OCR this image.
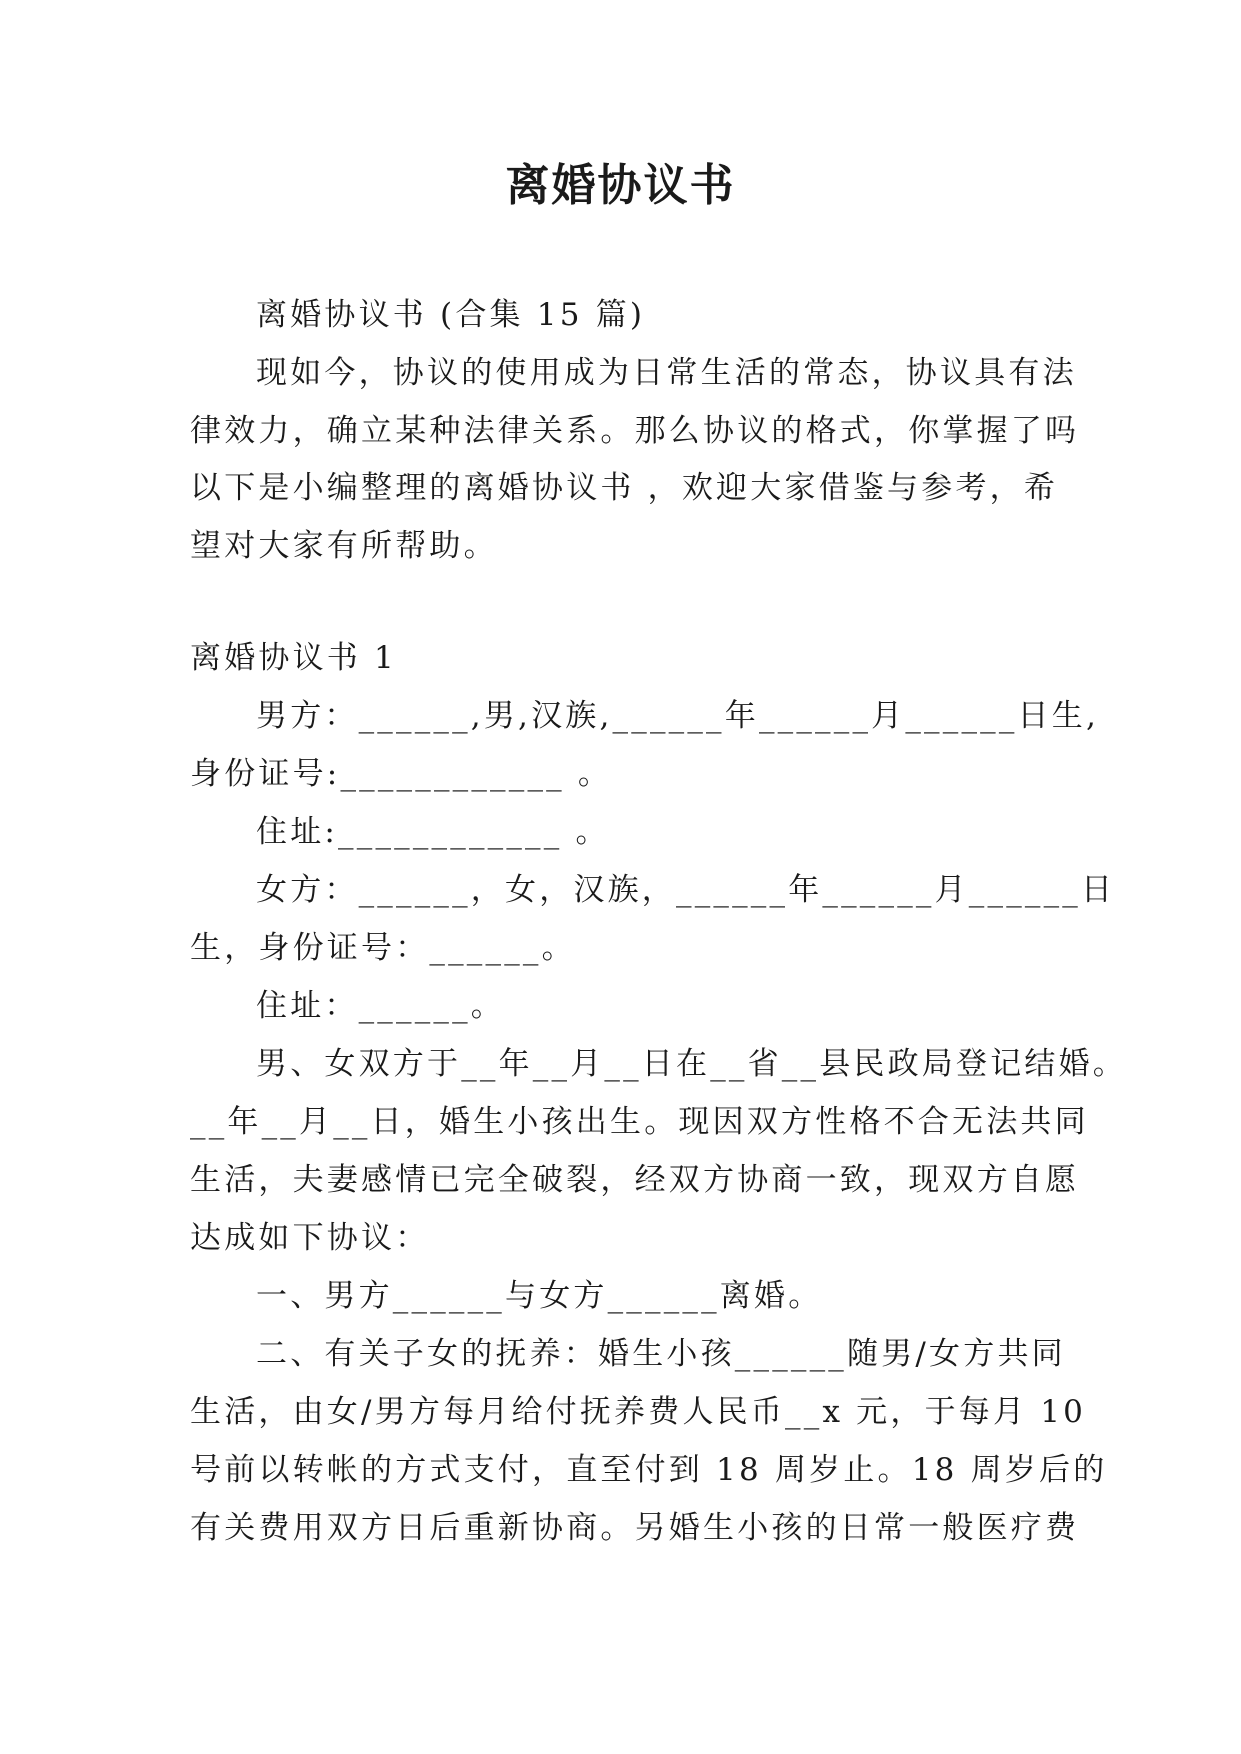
离婚协议书
离婚协议书 (合集 15 篇)
现如今，协议的使用成为日常生活的常态，协议具有法
律效力，确立某种法律关系。那么协议的格式，你掌握了吗
以下是小编整理的离婚协议书 ，欢迎大家借鉴与参考，希
望对大家有所帮助。
离婚协议书 1
男方：______,男,汉族,______年______月______日生,
身份证号:____________ 。
住址:____________ 。
女方：______，女，汉族，______年______月______日
生，身份证号：______。
住址：______。
男、女双方于__年__月__日在__省__县民政局登记结婚。
__年__月__日，婚生小孩出生。现因双方性格不合无法共同
生活，夫妻感情已完全破裂，经双方协商一致，现双方自愿
达成如下协议：
一、男方______与女方______离婚。
二、有关子女的抚养：婚生小孩______随男/女方共同
生活，由女/男方每月给付抚养费人民币__x 元，于每月 10
号前以转帐的方式支付，直至付到 18 周岁止。18 周岁后的
有关费用双方日后重新协商。另婚生小孩的日常一般医疗费
